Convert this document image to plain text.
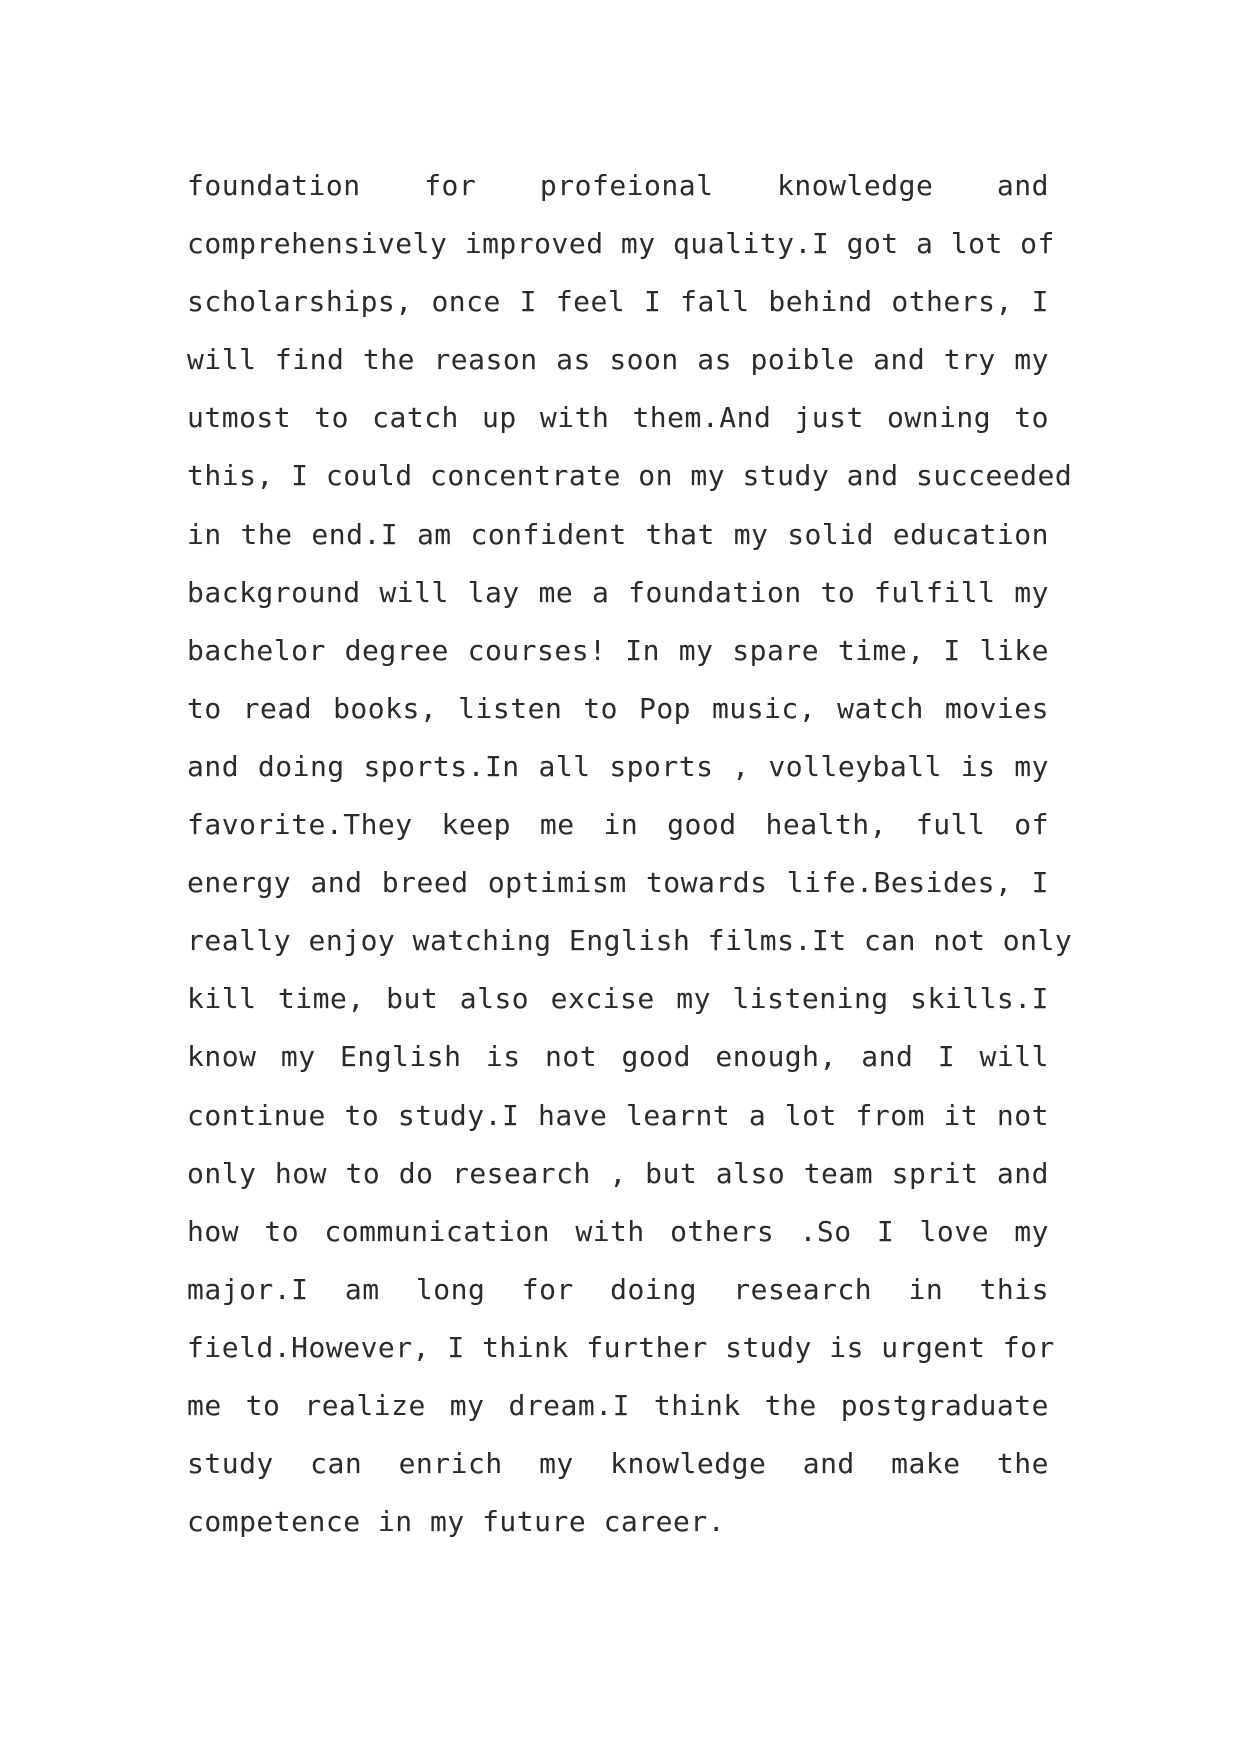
foundation for profeional knowledge and
comprehensively improved my quality.I got a lot of
scholarships, once I feel I fall behind others, I
will find the reason as soon as poible and try my
utmost to catch up with them.And just owning to
this, I could concentrate on my study and succeeded
in the end.I am confident that my solid education
background will lay me a foundation to fulfill my
bachelor degree courses! In my spare time, I like
to read books, listen to Pop music, watch movies
and doing sports.In all sports , volleyball is my
favorite.They keep me in good health, full of
energy and breed optimism towards life.Besides, I
really enjoy watching English films.It can not only
kill time, but also excise my listening skills.I
know my English is not good enough, and I will
continue to study.I have learnt a lot from it not
only how to do research , but also team sprit and
how to communication with others .So I love my
major.I am long for doing research in this
field.However, I think further study is urgent for
me to realize my dream.I think the postgraduate
study can enrich my knowledge and make the
competence in my future career.
